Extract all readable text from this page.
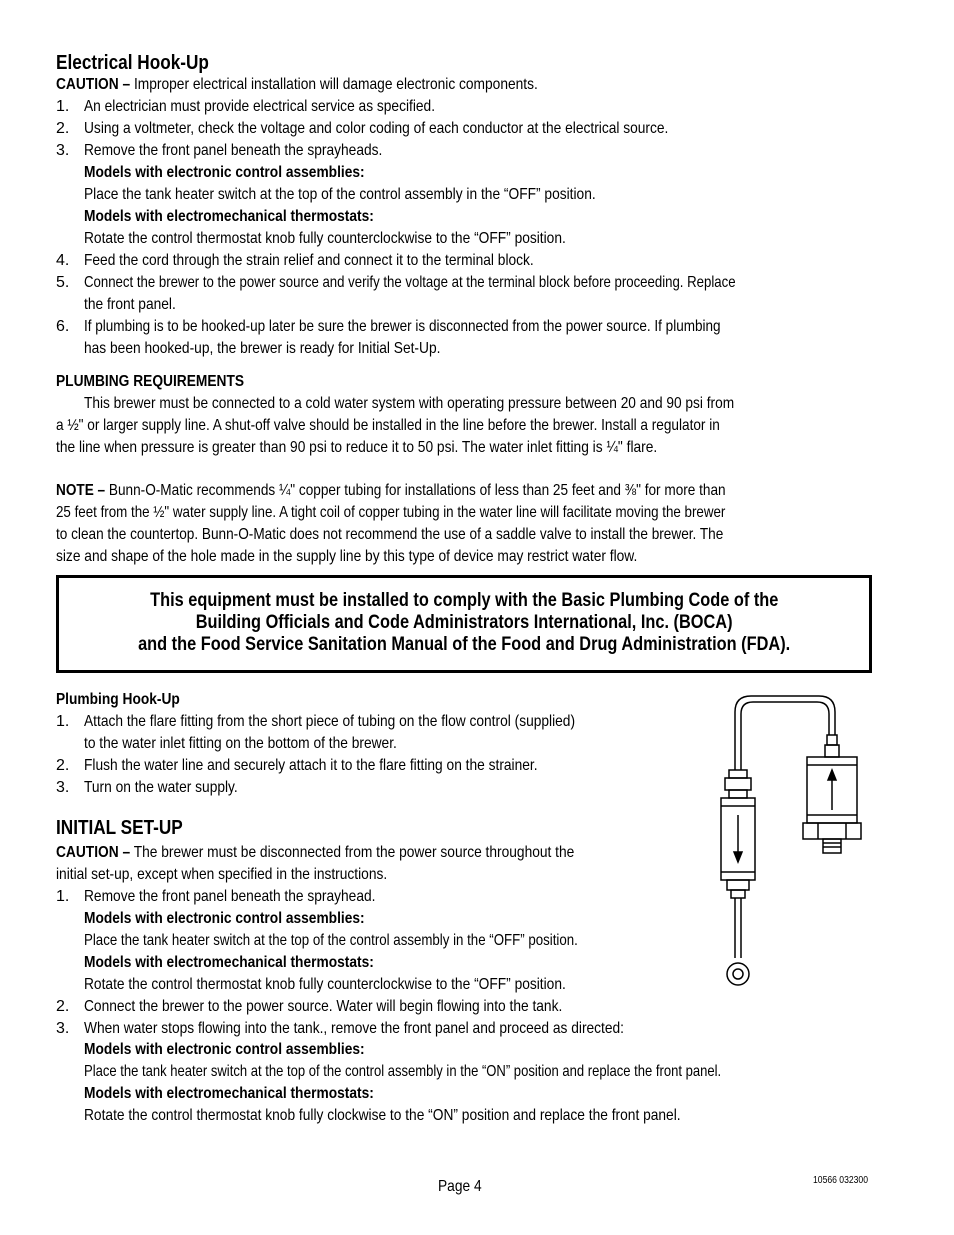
Electrical Hook-Up
CAUTION – Improper electrical installation will damage electronic components.
1. An electrician must provide electrical service as specified.
2. Using a voltmeter, check the voltage and color coding of each conductor at the electrical source.
3. Remove the front panel beneath the sprayheads.
Models with electronic control assemblies:
Place the tank heater switch at the top of the control assembly in the “OFF” position.
Models with electromechanical thermostats:
Rotate the control thermostat knob fully counterclockwise to the “OFF” position.
4. Feed the cord through the strain relief and connect it to the terminal block.
5. Connect the brewer to the power source and verify the voltage at the terminal block before proceeding. Replace
the front panel.
6. If plumbing is to be hooked-up later be sure the brewer is disconnected from the power source. If plumbing
has been hooked-up, the brewer is ready for Initial Set-Up.
PLUMBING REQUIREMENTS
This brewer must be connected to a cold water system with operating pressure between 20 and 90 psi from
a ½" or larger supply line. A shut-off valve should be installed in the line before the brewer. Install a regulator in
the line when pressure is greater than 90 psi to reduce it to 50 psi. The water inlet fitting is ¼" flare.
NOTE – Bunn-O-Matic recommends ¼" copper tubing for installations of less than 25 feet and ⅜" for more than
25 feet from the ½" water supply line. A tight coil of copper tubing in the water line will facilitate moving the brewer
to clean the countertop. Bunn-O-Matic does not recommend the use of a saddle valve to install the brewer. The
size and shape of the hole made in the supply line by this type of device may restrict water flow.
This equipment must be installed to comply with the Basic Plumbing Code of the
Building Officials and Code Administrators International, Inc. (BOCA)
and the Food Service Sanitation Manual of the Food and Drug Administration (FDA).
Plumbing Hook-Up
1. Attach the flare fitting from the short piece of tubing on the flow control (supplied)
to the water inlet fitting on the bottom of the brewer.
2. Flush the water line and securely attach it to the flare fitting on the strainer.
3. Turn on the water supply.
INITIAL SET-UP
CAUTION – The brewer must be disconnected from the power source throughout the
initial set-up, except when specified in the instructions.
1. Remove the front panel beneath the sprayhead.
Models with electronic control assemblies:
Place the tank heater switch at the top of the control assembly in the “OFF” position.
Models with electromechanical thermostats:
Rotate the control thermostat knob fully counterclockwise to the “OFF” position.
2. Connect the brewer to the power source. Water will begin flowing into the tank.
3. When water stops flowing into the tank., remove the front panel and proceed as directed:
Models with electronic control assemblies:
Place the tank heater switch at the top of the control assembly in the “ON” position and replace the front panel.
Models with electromechanical thermostats:
Rotate the control thermostat knob fully clockwise to the “ON” position and replace the front panel.
Page 4	10566 032300
